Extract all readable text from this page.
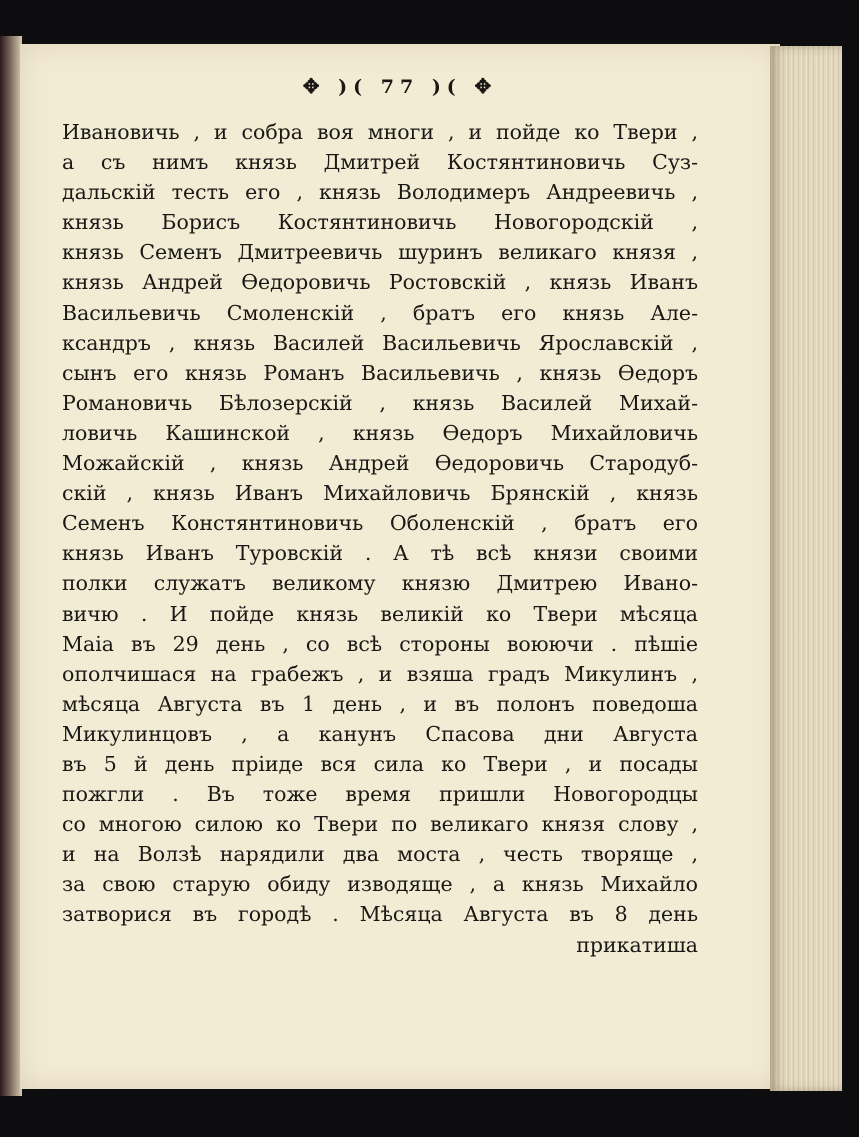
✥ )( 77 )( ✥
Ивановичь , и собра воя многи , и пойде ко Твери ,
а съ нимъ князь Дмитрей Костянтиновичь Суз-
дальскій тесть его , князь Володимеръ Андреевичь ,
князь Борисъ Костянтиновичь Новогородскій ,
князь Семенъ Дмитреевичь шуринъ великаго князя ,
князь Андрей Өедоровичь Ростовскій , князь Иванъ
Васильевичь Смоленскій , братъ его князь Але-
ксандръ , князь Василей Васильевичь Ярославскій ,
сынъ его князь Романъ Васильевичь , князь Өедоръ
Романовичь Бѣлозерскій , князь Василей Михай-
ловичь Кашинской , князь Өедоръ Михайловичь
Можайскій , князь Андрей Өедоровичь Стародуб-
скій , князь Иванъ Михайловичь Брянскій , князь
Семенъ Констянтиновичь Оболенскій , братъ его
князь Иванъ Туровскій . А тѣ всѣ князи своими
полки служатъ великому князю Дмитрею Ивано-
вичю . И пойде князь великій ко Твери мѣсяца
Маіа въ 29 день , со всѣ стороны воюючи . пѣшіе
ополчишася на грабежъ , и взяша градъ Микулинъ ,
мѣсяца Августа въ 1 день , и въ полонъ поведоша
Микулинцовъ , а канунъ Спасова дни Августа
въ 5 й день пріиде вся сила ко Твери , и посады
пожгли . Въ тоже время пришли Новогородцы
со многою силою ко Твери по великаго князя слову ,
и на Волзѣ нарядили два моста , честь творяще ,
за свою старую обиду изводяще , а князь Михайло
затворися въ городѣ . Мѣсяца Августа въ 8 день
прикатиша
